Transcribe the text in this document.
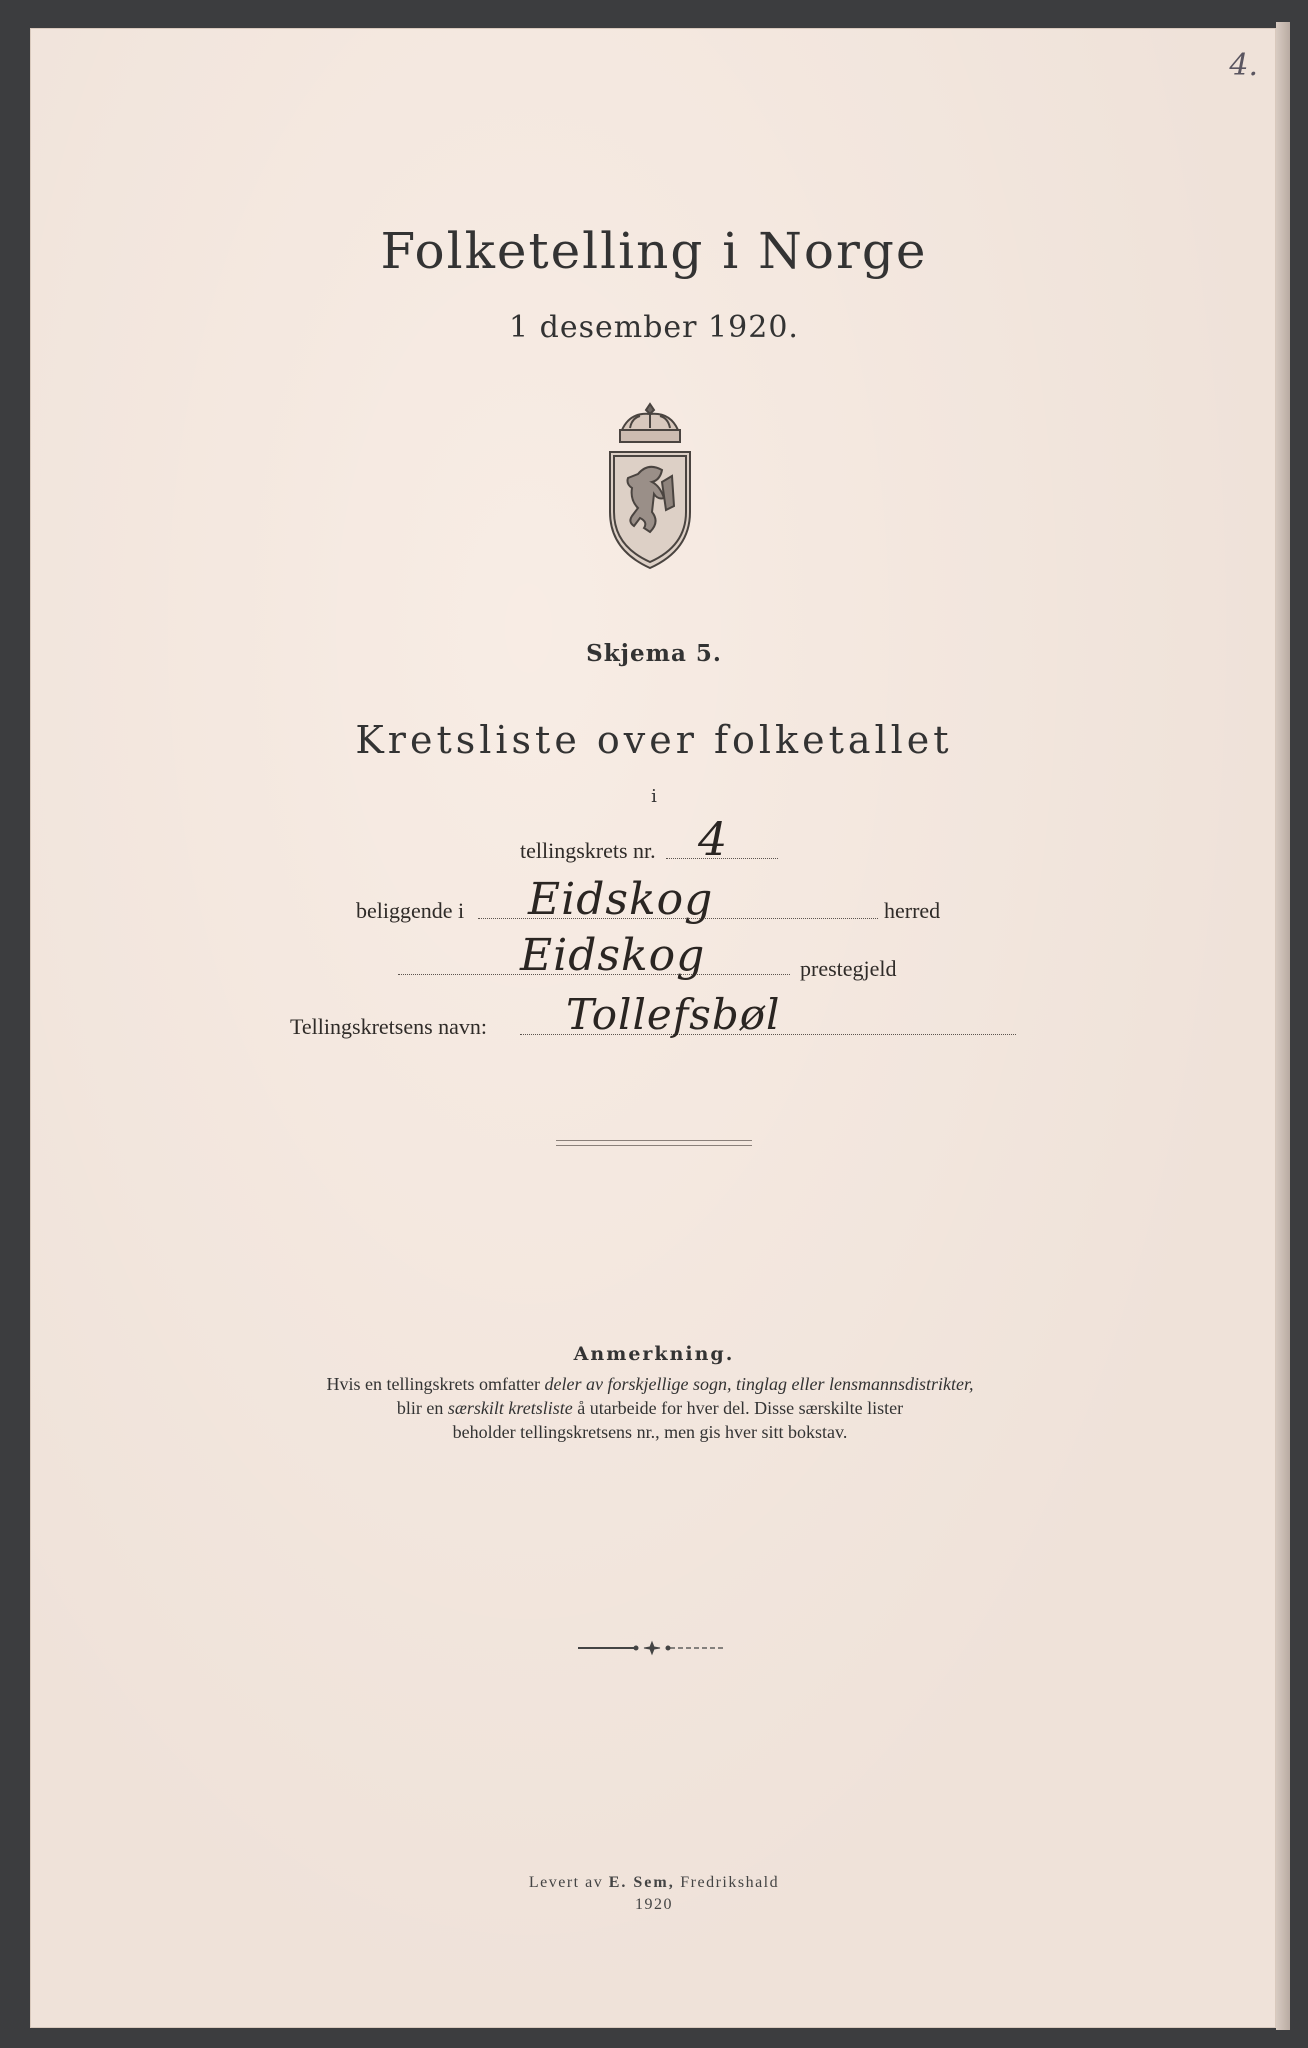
4.
Folketelling i Norge
1 desember 1920.
Skjema 5.
Kretsliste over folketallet
i
tellingskrets nr. 4
beliggende i Eidskog	herred
Eidskog	prestegjeld
Tellingskretsens navn: Tollefsbøl
Anmerkning.
Hvis en tellingskrets omfatter deler av forskjellige sogn, tinglag eller lensmannsdistrikter,
blir en særskilt kretsliste å utarbeide for hver del. Disse særskilte lister
beholder tellingskretsens nr., men gis hver sitt bokstav.
Levert av E. Sem, Fredrikshald
1920
